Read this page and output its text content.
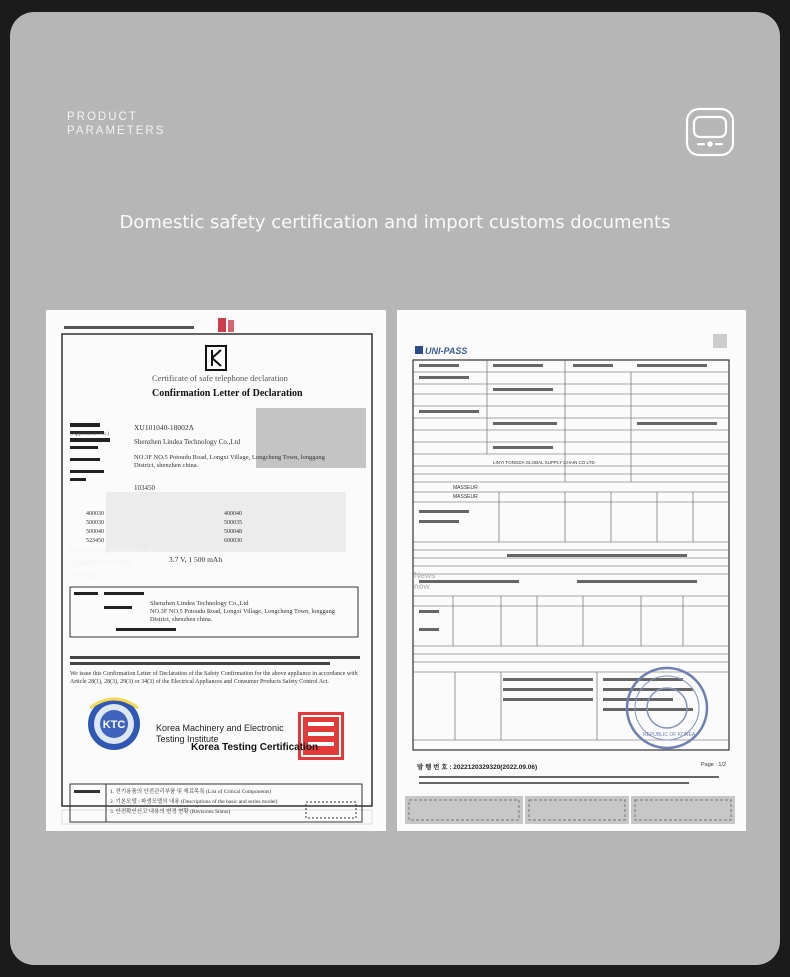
PRODUCT
PARAMETERS
Domestic safety certification and import customs documents
KTC
Certificate of safe telephone declaration
Confirmation Letter of Declaration
XU101040-18002A
(Application No.)
Shenzhen Lindea Technology Co.,Ltd
NO.3F NO.5 Potoudu Road, Longxi Village, Longcheng Town, longgang District, shenzhen china.
103450
400030
500030
500040
523450
400040
500035
500048
600030
Model classification of qualitative / safe energy:
3.7 V, 1 500 mAh
Shenzhen Lindea Technology Co.,Ltd
NO.3F NO.5 Potoudu Road, Longxi Village, Longcheng Town, longgang District, shenzhen china.
We issue this Confirmation Letter of Declaration of the Safety Confirmation for the above appliance in accordance with Article 28(1), 28(3), 29(3) or 34(3) of the Electrical Appliances and Consumer Products Safety Control Act.
Korea Machinery and Electronic Testing Institute
Korea Testing Certification
1. 전기용품의 안전관리부품 및 재료목록 (List of Critical Components)
2. 기본모델 : 파생모델의 내용 (Descriptions of the basic and series model)
3. 안전확인신고 내용의 변경 현황 (Revisions Status)
UNI-PASS
MASSEUR
MASSEUR
LINYI TONGDA GLOBAL SUPPLY CHAIN CO LTD
News now
REPUBLIC OF KOREA
발 행 번 호 : 2022120329320(2022.09.06)	Page : 1/2
